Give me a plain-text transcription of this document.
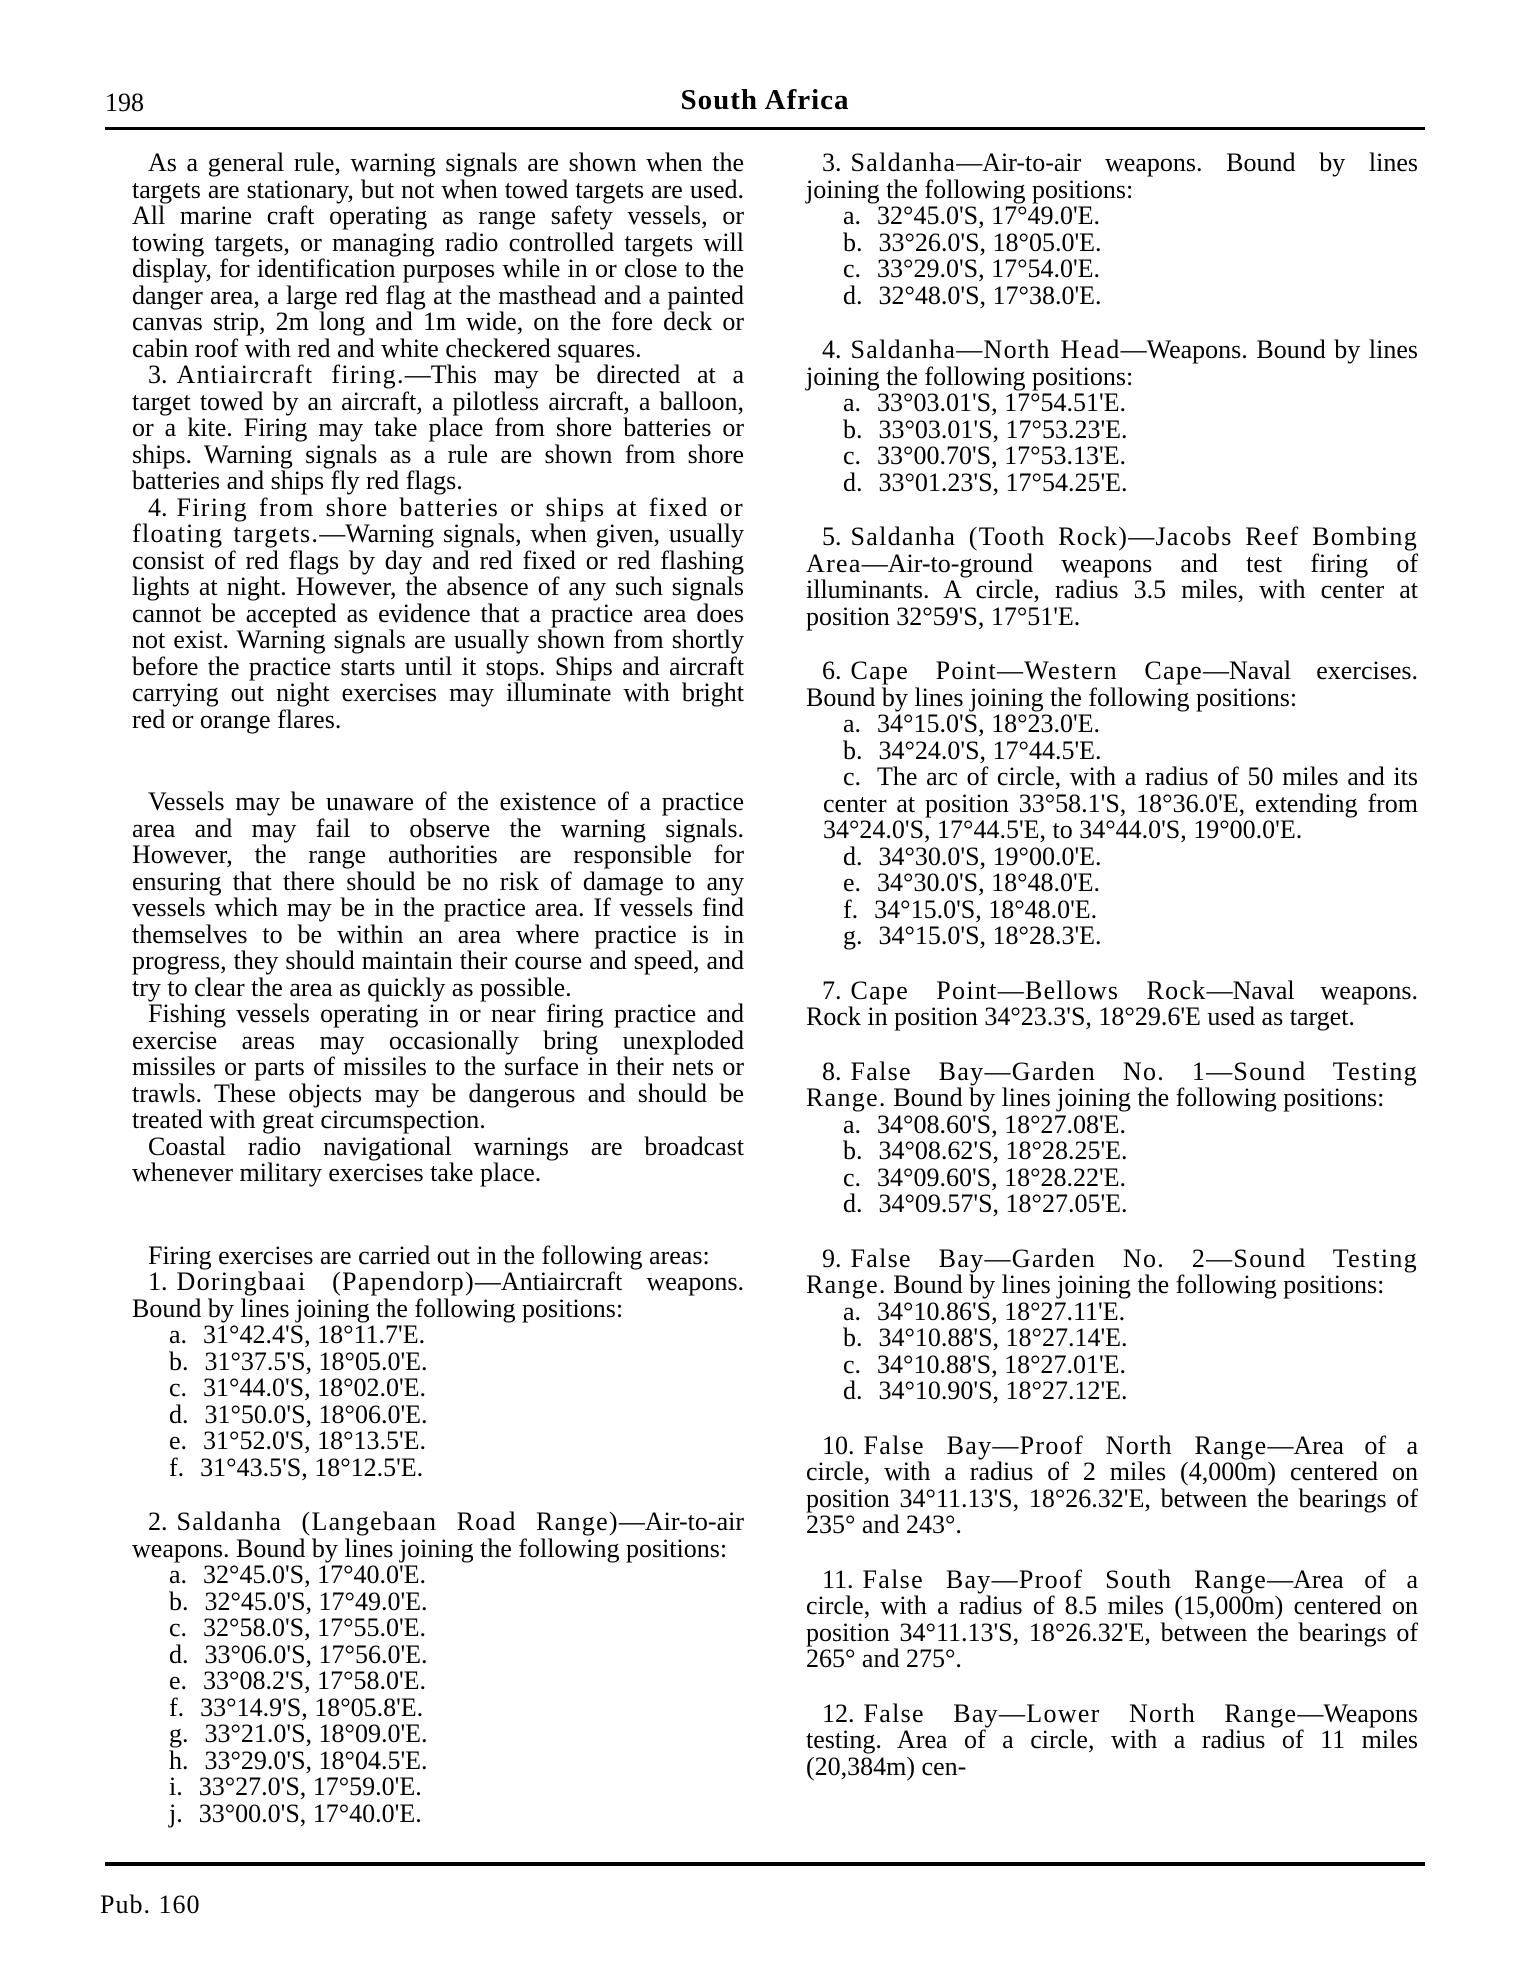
198	South Africa

As a general rule, warning signals are shown when the targets are stationary, but not when towed targets are used. All marine craft operating as range safety vessels, or towing targets, or managing radio controlled targets will display, for identification purposes while in or close to the danger area, a large red flag at the masthead and a painted canvas strip, 2m long and 1m wide, on the fore deck or cabin roof with red and white checkered squares.

3. Antiaircraft firing.—This may be directed at a target towed by an aircraft, a pilotless aircraft, a balloon, or a kite. Firing may take place from shore batteries or ships. Warning signals as a rule are shown from shore batteries and ships fly red flags.

4. Firing from shore batteries or ships at fixed or floating targets.—Warning signals, when given, usually consist of red flags by day and red fixed or red flashing lights at night. However, the absence of any such signals cannot be accepted as evidence that a practice area does not exist. Warning signals are usually shown from shortly before the practice starts until it stops. Ships and aircraft carrying out night exercises may illuminate with bright red or orange flares.

Vessels may be unaware of the existence of a practice area and may fail to observe the warning signals. However, the range authorities are responsible for ensuring that there should be no risk of damage to any vessels which may be in the practice area. If vessels find themselves to be within an area where practice is in progress, they should maintain their course and speed, and try to clear the area as quickly as possible.

Fishing vessels operating in or near firing practice and exercise areas may occasionally bring unexploded missiles or parts of missiles to the surface in their nets or trawls. These objects may be dangerous and should be treated with great circumspection.

Coastal radio navigational warnings are broadcast whenever military exercises take place.

Firing exercises are carried out in the following areas:

1. Doringbaai (Papendorp)—Antiaircraft weapons. Bound by lines joining the following positions:

a. 31°42.4'S, 18°11.7'E.

b. 31°37.5'S, 18°05.0'E.

c. 31°44.0'S, 18°02.0'E.

d. 31°50.0'S, 18°06.0'E.

e. 31°52.0'S, 18°13.5'E.

f. 31°43.5'S, 18°12.5'E.

2. Saldanha (Langebaan Road Range)—Air-to-air weapons. Bound by lines joining the following positions:

a. 32°45.0'S, 17°40.0'E.

b. 32°45.0'S, 17°49.0'E.

c. 32°58.0'S, 17°55.0'E.

d. 33°06.0'S, 17°56.0'E.

e. 33°08.2'S, 17°58.0'E.

f. 33°14.9'S, 18°05.8'E.

g. 33°21.0'S, 18°09.0'E.

h. 33°29.0'S, 18°04.5'E.

i. 33°27.0'S, 17°59.0'E.

j. 33°00.0'S, 17°40.0'E.

3. Saldanha—Air-to-air weapons. Bound by lines joining the following positions:

a. 32°45.0'S, 17°49.0'E.

b. 33°26.0'S, 18°05.0'E.

c. 33°29.0'S, 17°54.0'E.

d. 32°48.0'S, 17°38.0'E.

4. Saldanha—North Head—Weapons. Bound by lines joining the following positions:

a. 33°03.01'S, 17°54.51'E.

b. 33°03.01'S, 17°53.23'E.

c. 33°00.70'S, 17°53.13'E.

d. 33°01.23'S, 17°54.25'E.

5. Saldanha (Tooth Rock)—Jacobs Reef Bombing Area—Air-to-ground weapons and test firing of illuminants. A circle, radius 3.5 miles, with center at position 32°59'S, 17°51'E.

6. Cape Point—Western Cape—Naval exercises. Bound by lines joining the following positions:

a. 34°15.0'S, 18°23.0'E.

b. 34°24.0'S, 17°44.5'E.

c. The arc of circle, with a radius of 50 miles and its center at position 33°58.1'S, 18°36.0'E, extending from 34°24.0'S, 17°44.5'E, to 34°44.0'S, 19°00.0'E.

d. 34°30.0'S, 19°00.0'E.

e. 34°30.0'S, 18°48.0'E.

f. 34°15.0'S, 18°48.0'E.

g. 34°15.0'S, 18°28.3'E.

7. Cape Point—Bellows Rock—Naval weapons. Rock in position 34°23.3'S, 18°29.6'E used as target.

8. False Bay—Garden No. 1—Sound Testing Range. Bound by lines joining the following positions:

a. 34°08.60'S, 18°27.08'E.

b. 34°08.62'S, 18°28.25'E.

c. 34°09.60'S, 18°28.22'E.

d. 34°09.57'S, 18°27.05'E.

9. False Bay—Garden No. 2—Sound Testing Range. Bound by lines joining the following positions:

a. 34°10.86'S, 18°27.11'E.

b. 34°10.88'S, 18°27.14'E.

c. 34°10.88'S, 18°27.01'E.

d. 34°10.90'S, 18°27.12'E.

10. False Bay—Proof North Range—Area of a circle, with a radius of 2 miles (4,000m) centered on position 34°11.13'S, 18°26.32'E, between the bearings of 235° and 243°.

11. False Bay—Proof South Range—Area of a circle, with a radius of 8.5 miles (15,000m) centered on position 34°11.13'S, 18°26.32'E, between the bearings of 265° and 275°.

12. False Bay—Lower North Range—Weapons testing. Area of a circle, with a radius of 11 miles (20,384m) cen-

Pub. 160
